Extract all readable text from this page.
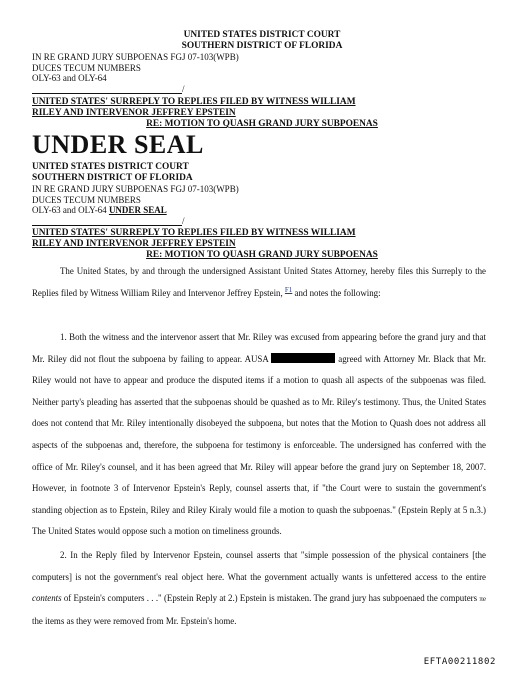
UNITED STATES DISTRICT COURT
SOUTHERN DISTRICT OF FLORIDA
IN RE GRAND JURY SUBPOENAS FGJ 07-103(WPB)
DUCES TECUM NUMBERS
OLY-63 and OLY-64
/
UNITED STATES' SURREPLY TO REPLIES FILED BY WITNESS WILLIAM
RILEY AND INTERVENOR JEFFREY EPSTEIN
RE: MOTION TO QUASH GRAND JURY SUBPOENAS
UNDER SEAL
UNITED STATES DISTRICT COURT
SOUTHERN DISTRICT OF FLORIDA
IN RE GRAND JURY SUBPOENAS FGJ 07-103(WPB)
DUCES TECUM NUMBERS
OLY-63 and OLY-64 UNDER SEAL
/
UNITED STATES' SURREPLY TO REPLIES FILED BY WITNESS WILLIAM
RILEY AND INTERVENOR JEFFREY EPSTEIN
RE: MOTION TO QUASH GRAND JURY SUBPOENAS
The United States, by and through the undersigned Assistant United States Attorney, hereby files this Surreply to the Replies filed by Witness William Riley and Intervenor Jeffrey Epstein, $^{F1}$ and notes the following:
1. Both the witness and the intervenor assert that Mr. Riley was excused from appearing before the grand jury and that Mr. Riley did not flout the subpoena by failing to appear. AUSA	agreed with Attorney Mr. Black that Mr. Riley would not have to appear and produce the disputed items if a motion to quash all aspects of the subpoenas was filed. Neither party's pleading has asserted that the subpoenas should be quashed as to Mr. Riley's testimony. Thus, the United States does not contend that Mr. Riley intentionally disobeyed the subpoena, but notes that the Motion to Quash does not address all aspects of the subpoenas and, therefore, the subpoena for testimony is enforceable. The undersigned has conferred with the office of Mr. Riley's counsel, and it has been agreed that Mr. Riley will appear before the grand jury on September 18, 2007. However, in footnote 3 of Intervenor Epstein's Reply, counsel asserts that, if "the Court were to sustain the government's standing objection as to Epstein, Riley and Riley Kiraly would file a motion to quash the subpoenas." (Epstein Reply at 5 n.3.) The United States would oppose such a motion on timeliness grounds.
2. In the Reply filed by Intervenor Epstein, counsel asserts that "simple possession of the physical containers [the computers] is not the government's real object here. What the government actually wants is unfettered access to the entire contents of Epstein's computers . . ." (Epstein Reply at 2.) Epstein is mistaken. The grand jury has subpoenaed the computers πe the items as they were removed from Mr. Epstein's home.
EFTA00211802
